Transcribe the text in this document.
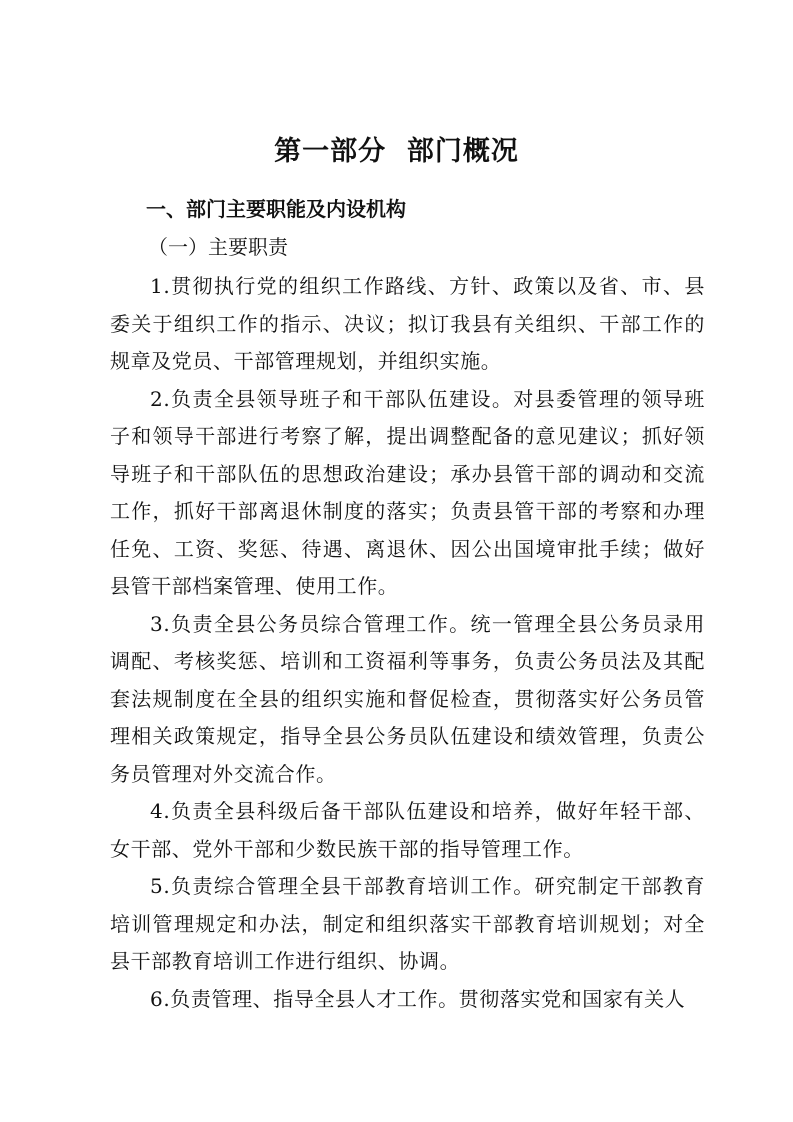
第一部分  部门概况
一、部门主要职能及内设机构
（一）主要职责

1.贯彻执行党的组织工作路线、方针、政策以及省、市、县委关于组织工作的指示、决议；拟订我县有关组织、干部工作的规章及党员、干部管理规划，并组织实施。

2.负责全县领导班子和干部队伍建设。对县委管理的领导班子和领导干部进行考察了解，提出调整配备的意见建议；抓好领导班子和干部队伍的思想政治建设；承办县管干部的调动和交流工作，抓好干部离退休制度的落实；负责县管干部的考察和办理任免、工资、奖惩、待遇、离退休、因公出国境审批手续；做好县管干部档案管理、使用工作。

3.负责全县公务员综合管理工作。统一管理全县公务员录用调配、考核奖惩、培训和工资福利等事务，负责公务员法及其配套法规制度在全县的组织实施和督促检查，贯彻落实好公务员管理相关政策规定，指导全县公务员队伍建设和绩效管理，负责公务员管理对外交流合作。

4.负责全县科级后备干部队伍建设和培养，做好年轻干部、女干部、党外干部和少数民族干部的指导管理工作。

5.负责综合管理全县干部教育培训工作。研究制定干部教育培训管理规定和办法，制定和组织落实干部教育培训规划；对全县干部教育培训工作进行组织、协调。

6.负责管理、指导全县人才工作。贯彻落实党和国家有关人
